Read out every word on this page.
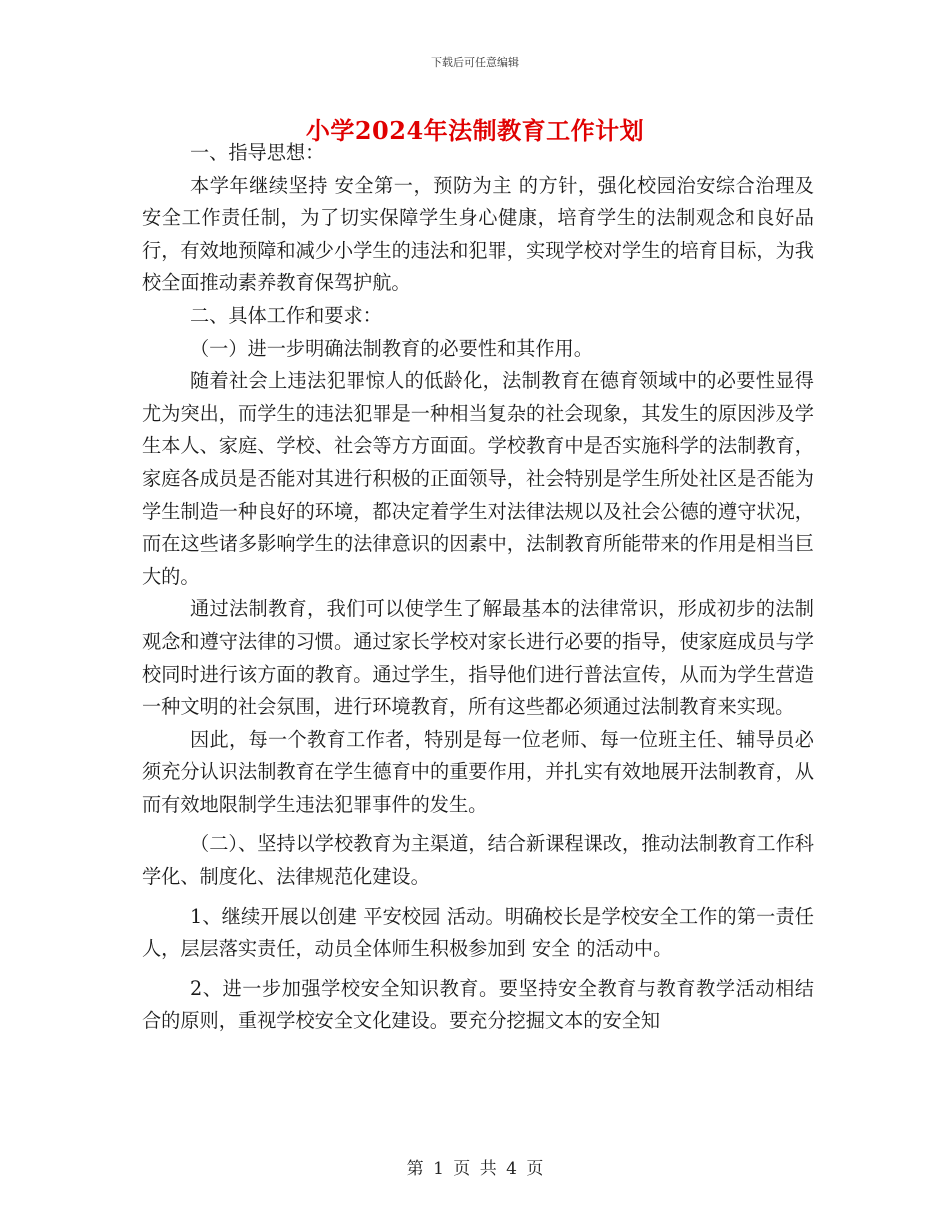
下载后可任意编辑
小学2024年法制教育工作计划

一、指导思想：

本学年继续坚持 安全第一，预防为主 的方针，强化校园治安综合治理及安全工作责任制，为了切实保障学生身心健康，培育学生的法制观念和良好品行，有效地预障和减少小学生的违法和犯罪，实现学校对学生的培育目标，为我校全面推动素养教育保驾护航。

二、具体工作和要求：

（一）进一步明确法制教育的必要性和其作用。

随着社会上违法犯罪惊人的低龄化，法制教育在德育领域中的必要性显得尤为突出，而学生的违法犯罪是一种相当复杂的社会现象，其发生的原因涉及学生本人、家庭、学校、社会等方方面面。学校教育中是否实施科学的法制教育，家庭各成员是否能对其进行积极的正面领导，社会特别是学生所处社区是否能为学生制造一种良好的环境，都决定着学生对法律法规以及社会公德的遵守状况，而在这些诸多影响学生的法律意识的因素中，法制教育所能带来的作用是相当巨大的。

通过法制教育，我们可以使学生了解最基本的法律常识，形成初步的法制观念和遵守法律的习惯。通过家长学校对家长进行必要的指导，使家庭成员与学校同时进行该方面的教育。通过学生，指导他们进行普法宣传，从而为学生营造一种文明的社会氛围，进行环境教育，所有这些都必须通过法制教育来实现。

因此，每一个教育工作者，特别是每一位老师、每一位班主任、辅导员必须充分认识法制教育在学生德育中的重要作用，并扎实有效地展开法制教育，从而有效地限制学生违法犯罪事件的发生。

（二）、坚持以学校教育为主渠道，结合新课程课改，推动法制教育工作科学化、制度化、法律规范化建设。

1、继续开展以创建 平安校园 活动。明确校长是学校安全工作的第一责任人，层层落实责任，动员全体师生积极参加到 安全 的活动中。

2、进一步加强学校安全知识教育。要坚持安全教育与教育教学活动相结合的原则，重视学校安全文化建设。要充分挖掘文本的安全知

第 1 页 共 4 页
